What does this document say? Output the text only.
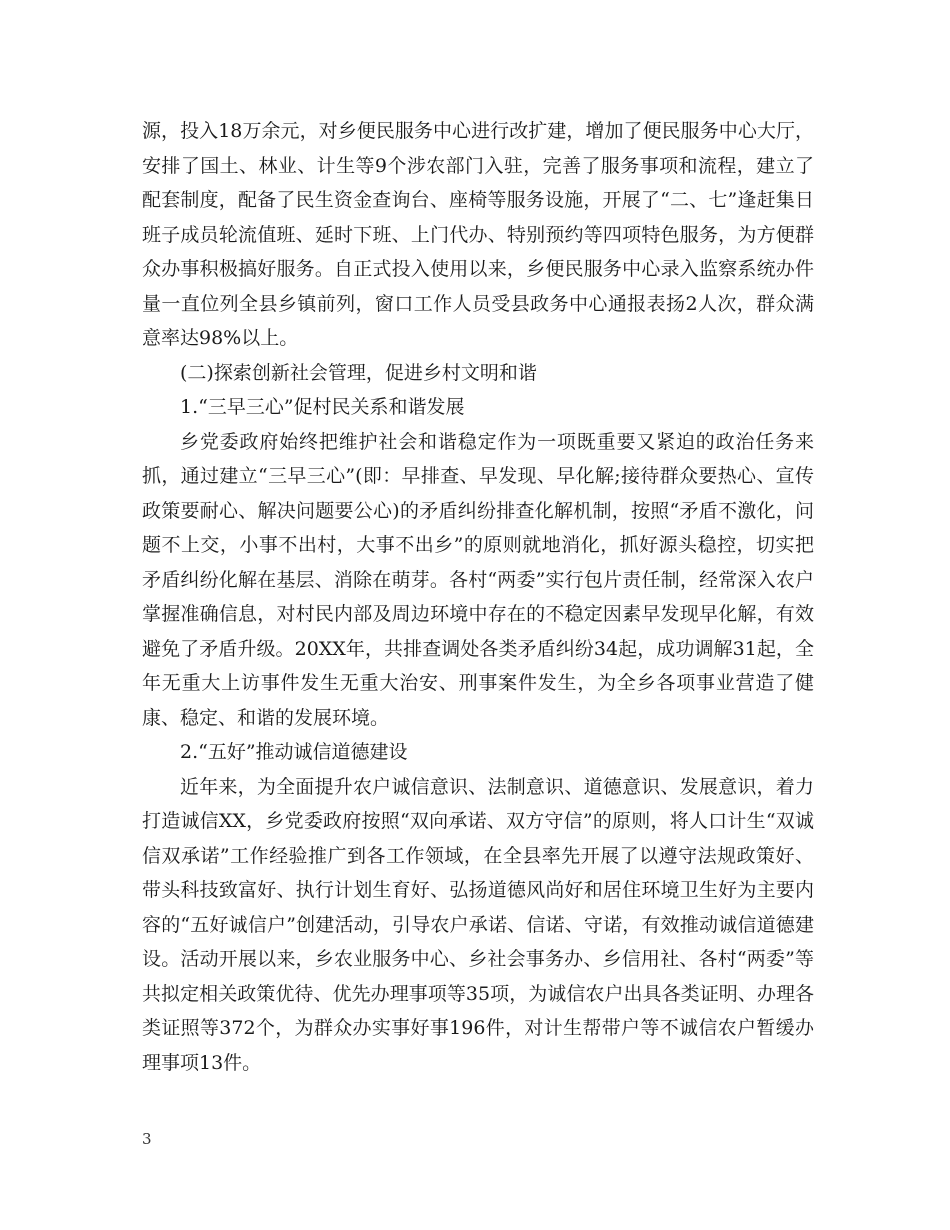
源，投入18万余元，对乡便民服务中心进行改扩建，增加了便民服务中心大厅，安排了国土、林业、计生等9个涉农部门入驻，完善了服务事项和流程，建立了配套制度，配备了民生资金查询台、座椅等服务设施，开展了“二、七”逢赶集日班子成员轮流值班、延时下班、上门代办、特别预约等四项特色服务，为方便群众办事积极搞好服务。自正式投入使用以来，乡便民服务中心录入监察系统办件量一直位列全县乡镇前列，窗口工作人员受县政务中心通报表扬2人次，群众满意率达98%以上。

(二)探索创新社会管理，促进乡村文明和谐

1.“三早三心”促村民关系和谐发展

乡党委政府始终把维护社会和谐稳定作为一项既重要又紧迫的政治任务来抓，通过建立“三早三心”(即：早排查、早发现、早化解;接待群众要热心、宣传政策要耐心、解决问题要公心)的矛盾纠纷排查化解机制，按照“矛盾不激化，问题不上交，小事不出村，大事不出乡”的原则就地消化，抓好源头稳控，切实把矛盾纠纷化解在基层、消除在萌芽。各村“两委”实行包片责任制，经常深入农户掌握准确信息，对村民内部及周边环境中存在的不稳定因素早发现早化解，有效避免了矛盾升级。20XX年，共排查调处各类矛盾纠纷34起，成功调解31起，全年无重大上访事件发生无重大治安、刑事案件发生，为全乡各项事业营造了健康、稳定、和谐的发展环境。

2.“五好”推动诚信道德建设

近年来，为全面提升农户诚信意识、法制意识、道德意识、发展意识，着力打造诚信XX，乡党委政府按照“双向承诺、双方守信”的原则，将人口计生“双诚信双承诺”工作经验推广到各工作领域，在全县率先开展了以遵守法规政策好、带头科技致富好、执行计划生育好、弘扬道德风尚好和居住环境卫生好为主要内容的“五好诚信户”创建活动，引导农户承诺、信诺、守诺，有效推动诚信道德建设。活动开展以来，乡农业服务中心、乡社会事务办、乡信用社、各村“两委”等共拟定相关政策优待、优先办理事项等35项，为诚信农户出具各类证明、办理各类证照等372个，为群众办实事好事196件，对计生帮带户等不诚信农户暂缓办理事项13件。

3
